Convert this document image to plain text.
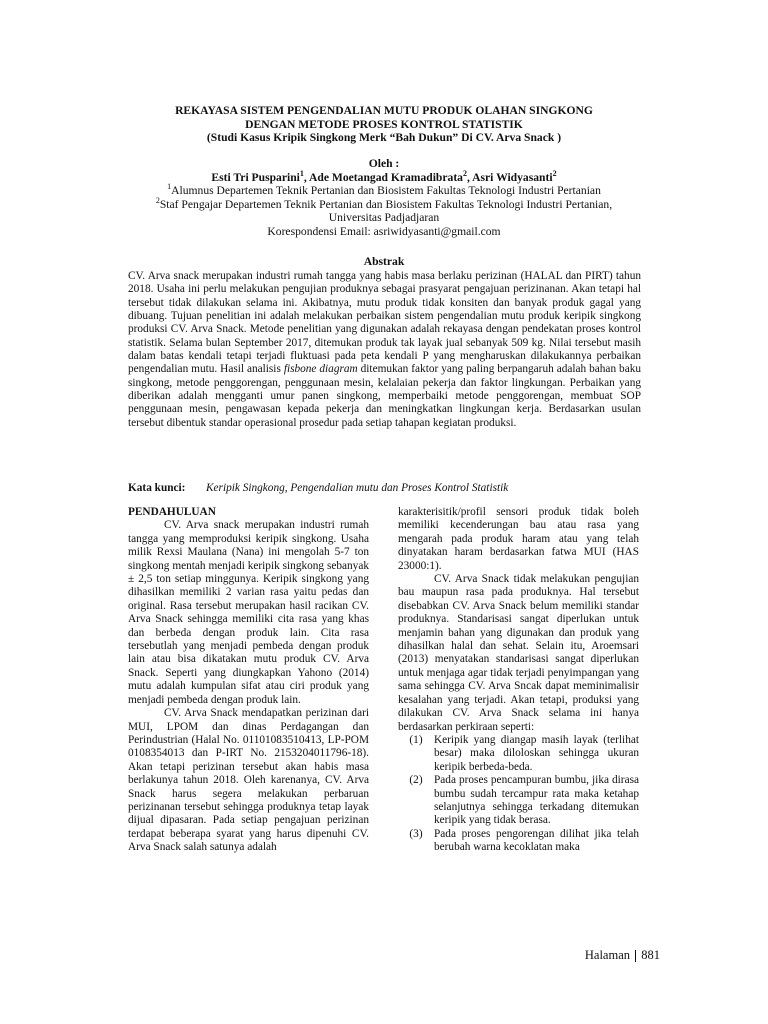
REKAYASA SISTEM PENGENDALIAN MUTU PRODUK OLAHAN SINGKONG
DENGAN METODE PROSES KONTROL STATISTIK
(Studi Kasus Kripik Singkong Merk “Bah Dukun” Di CV. Arva Snack )
Oleh :
Esti Tri Pusparini$^1$, Ade Moetangad Kramadibrata$^2$, Asri Widyasanti$^2$
$^1$Alumnus Departemen Teknik Pertanian dan Biosistem Fakultas Teknologi Industri Pertanian
$^2$Staf Pengajar Departemen Teknik Pertanian dan Biosistem Fakultas Teknologi Industri Pertanian,
Universitas Padjadjaran
Korespondensi Email: asriwidyasanti@gmail.com
Abstrak
CV. Arva snack merupakan industri rumah tangga yang habis masa berlaku perizinan (HALAL dan PIRT) tahun 2018. Usaha ini perlu melakukan pengujian produknya sebagai prasyarat pengajuan perizinanan. Akan tetapi hal tersebut tidak dilakukan selama ini. Akibatnya, mutu produk tidak konsiten dan banyak produk gagal yang dibuang. Tujuan penelitian ini adalah melakukan perbaikan sistem pengendalian mutu produk keripik singkong produksi CV. Arva Snack. Metode penelitian yang digunakan adalah rekayasa dengan pendekatan proses kontrol statistik. Selama bulan September 2017, ditemukan produk tak layak jual sebanyak 509 kg. Nilai tersebut masih dalam batas kendali tetapi terjadi fluktuasi pada peta kendali P yang mengharuskan dilakukannya perbaikan pengendalian mutu. Hasil analisis fisbone diagram ditemukan faktor yang paling berpangaruh adalah bahan baku singkong, metode penggorengan, penggunaan mesin, kelalaian pekerja dan faktor lingkungan. Perbaikan yang diberikan adalah mengganti umur panen singkong, memperbaiki metode penggorengan, membuat SOP penggunaan mesin, pengawasan kepada pekerja dan meningkatkan lingkungan kerja. Berdasarkan usulan tersebut dibentuk standar operasional prosedur pada setiap tahapan kegiatan produksi.
Kata kunci: Keripik Singkong, Pengendalian mutu dan Proses Kontrol Statistik

PENDAHULUAN

CV. Arva snack merupakan industri rumah tangga yang memproduksi keripik singkong. Usaha milik Rexsi Maulana (Nana) ini mengolah 5-7 ton singkong mentah menjadi keripik singkong sebanyak ± 2,5 ton setiap minggunya. Keripik singkong yang dihasilkan memiliki 2 varian rasa yaitu pedas dan original. Rasa tersebut merupakan hasil racikan CV. Arva Snack sehingga memiliki cita rasa yang khas dan berbeda dengan produk lain. Cita rasa tersebutlah yang menjadi pembeda dengan produk lain atau bisa dikatakan mutu produk CV. Arva Snack. Seperti yang diungkapkan Yahono (2014) mutu adalah kumpulan sifat atau ciri produk yang menjadi pembeda dengan produk lain.

CV. Arva Snack mendapatkan perizinan dari MUI, LPOM dan dinas Perdagangan dan Perindustrian (Halal No. 01101083510413, LP-POM 0108354013 dan P-IRT No. 2153204011796-18). Akan tetapi perizinan tersebut akan habis masa berlakunya tahun 2018. Oleh karenanya, CV. Arva Snack harus segera melakukan perbaruan perizinanan tersebut sehingga produknya tetap layak dijual dipasaran. Pada setiap pengajuan perizinan terdapat beberapa syarat yang harus dipenuhi CV. Arva Snack salah satunya adalah

karakterisitik/profil sensori produk tidak boleh memiliki kecenderungan bau atau rasa yang mengarah pada produk haram atau yang telah dinyatakan haram berdasarkan fatwa MUI (HAS 23000:1).

CV. Arva Snack tidak melakukan pengujian bau maupun rasa pada produknya. Hal tersebut disebabkan CV. Arva Snack belum memiliki standar produknya. Standarisasi sangat diperlukan untuk menjamin bahan yang digunakan dan produk yang dihasilkan halal dan sehat. Selain itu, Aroemsari (2013) menyatakan standarisasi sangat diperlukan untuk menjaga agar tidak terjadi penyimpangan yang sama sehingga CV. Arva Sncak dapat meminimalisir kesalahan yang terjadi. Akan tetapi, produksi yang dilakukan CV. Arva Snack selama ini hanya berdasarkan perkiraan seperti:

(1)	Keripik yang diangap masih layak (terlihat besar) maka diloloskan sehingga ukuran keripik berbeda-beda.
(2)	Pada proses pencampuran bumbu, jika dirasa bumbu sudah tercampur rata maka ketahap selanjutnya sehingga terkadang ditemukan keripik yang tidak berasa.
(3)	Pada proses pengorengan dilihat jika telah berubah warna kecoklatan maka
Halaman 881
